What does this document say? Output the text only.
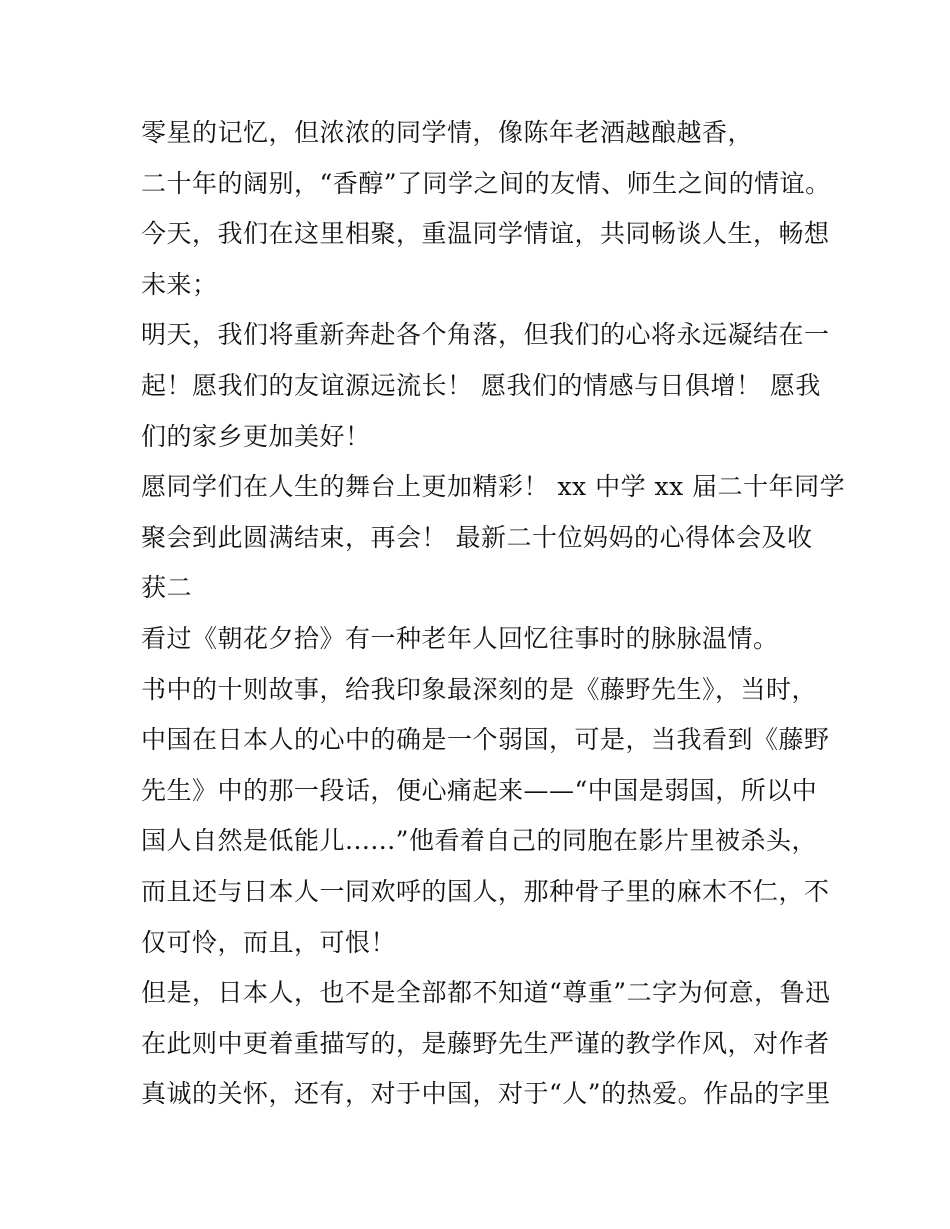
零星的记忆，但浓浓的同学情，像陈年老酒越酿越香，
二十年的阔别，“香醇”了同学之间的友情、师生之间的情谊。
今天，我们在这里相聚，重温同学情谊，共同畅谈人生，畅想
未来；
明天，我们将重新奔赴各个角落，但我们的心将永远凝结在一
起！愿我们的友谊源远流长！ 愿我们的情感与日俱增！ 愿我
们的家乡更加美好！
愿同学们在人生的舞台上更加精彩！ xx 中学 xx 届二十年同学
聚会到此圆满结束，再会！ 最新二十位妈妈的心得体会及收
获二
看过《朝花夕拾》有一种老年人回忆往事时的脉脉温情。
书中的十则故事，给我印象最深刻的是《藤野先生》，当时，
中国在日本人的心中的确是一个弱国，可是，当我看到《藤野
先生》中的那一段话，便心痛起来——“中国是弱国，所以中
国人自然是低能儿......”他看着自己的同胞在影片里被杀头，
而且还与日本人一同欢呼的国人，那种骨子里的麻木不仁，不
仅可怜，而且，可恨！
但是，日本人，也不是全部都不知道“尊重”二字为何意，鲁迅
在此则中更着重描写的，是藤野先生严谨的教学作风，对作者
真诚的关怀，还有，对于中国，对于“人”的热爱。作品的字里
